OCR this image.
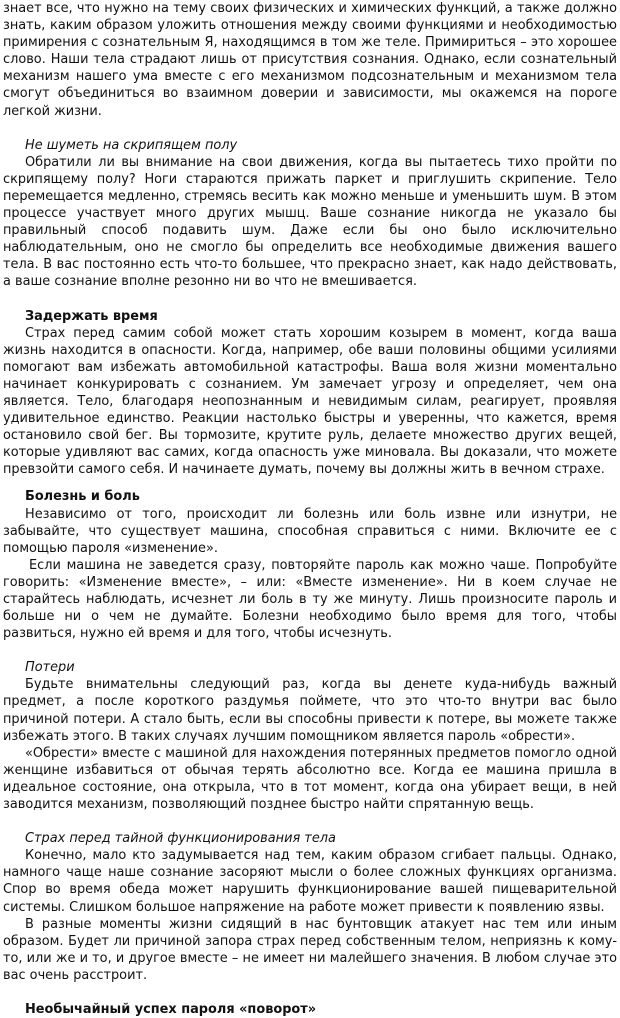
знает все, что нужно на тему своих физических и химических функций, а также должно знать, каким образом уложить отношения между своими функциями и необходимостью примирения с сознательным Я, находящимся в том же теле. Примириться – это хорошее слово. Наши тела страдают лишь от присутствия сознания. Однако, если сознательный механизм нашего ума вместе с его механизмом подсознательным и механизмом тела смогут объединиться во взаимном доверии и зависимости, мы окажемся на пороге легкой жизни.

Не шуметь на скрипящем полу

Обратили ли вы внимание на свои движения, когда вы пытаетесь тихо пройти по скрипящему полу? Ноги стараются прижать паркет и приглушить скрипение. Тело перемещается медленно, стремясь весить как можно меньше и уменьшить шум. В этом процессе участвует много других мышц. Ваше сознание никогда не указало бы правильный способ подавить шум. Даже если бы оно было исключительно наблюдательным, оно не смогло бы определить все необходимые движения вашего тела. В вас постоянно есть что-то большее, что прекрасно знает, как надо действовать, а ваше сознание вполне резонно ни во что не вмешивается.

Задержать время

Страх перед самим собой может стать хорошим козырем в момент, когда ваша жизнь находится в опасности. Когда, например, обе ваши половины общими усилиями помогают вам избежать автомобильной катастрофы. Ваша воля жизни моментально начинает конкурировать с сознанием. Ум замечает угрозу и определяет, чем она является. Тело, благодаря неопознанным и невидимым силам, реагирует, проявляя удивительное единство. Реакции настолько быстры и уверенны, что кажется, время остановило свой бег. Вы тормозите, крутите руль, делаете множество других вещей, которые удивляют вас самих, когда опасность уже миновала. Вы доказали, что можете превзойти самого себя. И начинаете думать, почему вы должны жить в вечном страхе.

Болезнь и боль

Независимо от того, происходит ли болезнь или боль извне или изнутри, не забывайте, что существует машина, способная справиться с ними. Включите ее с помощью пароля «изменение».

Если машина не заведется сразу, повторяйте пароль как можно чаше. Попробуйте говорить: «Изменение вместе», – или: «Вместе изменение». Ни в коем случае не старайтесь наблюдать, исчезнет ли боль в ту же минуту. Лишь произносите пароль и больше ни о чем не думайте. Болезни необходимо было время для того, чтобы развиться, нужно ей время и для того, чтобы исчезнуть.

Потери

Будьте внимательны следующий раз, когда вы денете куда-нибудь важный предмет, а после короткого раздумья поймете, что это что-то внутри вас было причиной потери. А стало быть, если вы способны привести к потере, вы можете также избежать этого. В таких случаях лучшим помощником является пароль «обрести».

«Обрести» вместе с машиной для нахождения потерянных предметов помогло одной женщине избавиться от обычая терять абсолютно все. Когда ее машина пришла в идеальное состояние, она открыла, что в тот момент, когда она убирает вещи, в ней заводится механизм, позволяющий позднее быстро найти спрятанную вещь.

Страх перед тайной функционирования тела

Конечно, мало кто задумывается над тем, каким образом сгибает пальцы. Однако, намного чаще наше сознание засоряют мысли о более сложных функциях организма. Спор во время обеда может нарушить функционирование вашей пищеварительной системы. Слишком большое напряжение на работе может привести к появлению язвы.

В разные моменты жизни сидящий в нас бунтовщик атакует нас тем или иным образом. Будет ли причиной запора страх перед собственным телом, неприязнь к кому-то, или же и то, и другое вместе – не имеет ни малейшего значения. В любом случае это вас очень расстроит.

Необычайный успех пароля «поворот»
